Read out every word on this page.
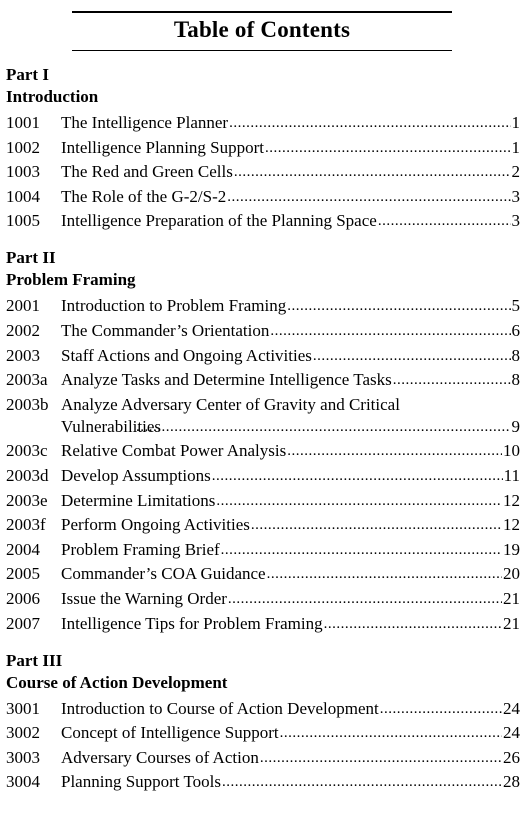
Table of Contents
Part I
Introduction
1001	The Intelligence Planner .....	1
1002	Intelligence Planning Support .....	1
1003	The Red and Green Cells .....	2
1004	The Role of the G-2/S-2 .....	3
1005	Intelligence Preparation of the Planning Space .....	3
Part II
Problem Framing
2001	Introduction to Problem Framing .....	5
2002	The Commander’s Orientation .....	6
2003	Staff Actions and Ongoing Activities .....	8
2003a Analyze Tasks and Determine Intelligence Tasks .....	8
2003b Analyze Adversary Center of Gravity and Critical Vulnerabilities .....	9
2003c Relative Combat Power Analysis .....	10
2003d Develop Assumptions .....	11
2003e Determine Limitations .....	12
2003f Perform Ongoing Activities .....	12
2004	Problem Framing Brief .....	19
2005	Commander’s COA Guidance .....	20
2006	Issue the Warning Order .....	21
2007	Intelligence Tips for Problem Framing .....	21
Part III
Course of Action Development
3001	Introduction to Course of Action Development .....	24
3002	Concept of Intelligence Support .....	24
3003	Adversary Courses of Action .....	26
3004	Planning Support Tools .....	28
